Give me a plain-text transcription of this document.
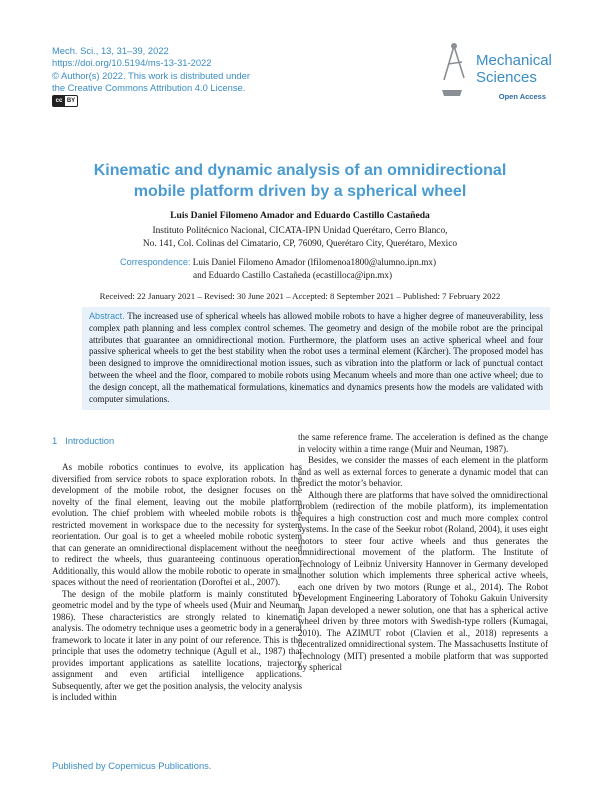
Mech. Sci., 13, 31–39, 2022
https://doi.org/10.5194/ms-13-31-2022
© Author(s) 2022. This work is distributed under
the Creative Commons Attribution 4.0 License.
cc BY
Mechanical
Sciences
Open Access
Kinematic and dynamic analysis of an omnidirectional
mobile platform driven by a spherical wheel
Luis Daniel Filomeno Amador and Eduardo Castillo Castañeda
Instituto Politécnico Nacional, CICATA-IPN Unidad Querétaro, Cerro Blanco,
No. 141, Col. Colinas del Cimatario, CP, 76090, Querétaro City, Querétaro, Mexico
Correspondence: Luis Daniel Filomeno Amador (lfilomenoa1800@alumno.ipn.mx)
and Eduardo Castillo Castañeda (ecastilloca@ipn.mx)
Received: 22 January 2021 – Revised: 30 June 2021 – Accepted: 8 September 2021 – Published: 7 February 2022
Abstract. The increased use of spherical wheels has allowed mobile robots to have a higher degree of maneuverability, less complex path planning and less complex control schemes. The geometry and design of the mobile robot are the principal attributes that guarantee an omnidirectional motion. Furthermore, the platform uses an active spherical wheel and four passive spherical wheels to get the best stability when the robot uses a terminal element (Kärcher). The proposed model has been designed to improve the omnidirectional motion issues, such as vibration into the platform or lack of punctual contact between the wheel and the floor, compared to mobile robots using Mecanum wheels and more than one active wheel; due to the design concept, all the mathematical formulations, kinematics and dynamics presents how the models are validated with computer simulations.
1 Introduction

As mobile robotics continues to evolve, its application has diversified from service robots to space exploration robots. In the development of the mobile robot, the designer focuses on the novelty of the final element, leaving out the mobile platform evolution. The chief problem with wheeled mobile robots is the restricted movement in workspace due to the necessity for system reorientation. Our goal is to get a wheeled mobile robotic system that can generate an omnidirectional displacement without the need to redirect the wheels, thus guaranteeing continuous operation. Additionally, this would allow the mobile robotic to operate in small spaces without the need of reorientation (Doroftei et al., 2007).

The design of the mobile platform is mainly constituted by geometric model and by the type of wheels used (Muir and Neuman, 1986). These characteristics are strongly related to kinematic analysis. The odometry technique uses a geometric body in a general framework to locate it later in any point of our reference. This is the principle that uses the odometry technique (Agull et al., 1987) that provides important applications as satellite locations, trajectory assignment and even artificial intelligence applications. Subsequently, after we get the position analysis, the velocity analysis is included within

the same reference frame. The acceleration is defined as the change in velocity within a time range (Muir and Neuman, 1987).

Besides, we consider the masses of each element in the platform and as well as external forces to generate a dynamic model that can predict the motor’s behavior.

Although there are platforms that have solved the omnidirectional problem (redirection of the mobile platform), its implementation requires a high construction cost and much more complex control systems. In the case of the Seekur robot (Roland, 2004), it uses eight motors to steer four active wheels and thus generates the omnidirectional movement of the platform. The Institute of Technology of Leibniz University Hannover in Germany developed another solution which implements three spherical active wheels, each one driven by two motors (Runge et al., 2014). The Robot Development Engineering Laboratory of Tohoku Gakuin University in Japan developed a newer solution, one that has a spherical active wheel driven by three motors with Swedish-type rollers (Kumagai, 2010). The AZIMUT robot (Clavien et al., 2018) represents a decentralized omnidirectional system. The Massachusetts Institute of Technology (MIT) presented a mobile platform that was supported by spherical

Published by Copernicus Publications.
